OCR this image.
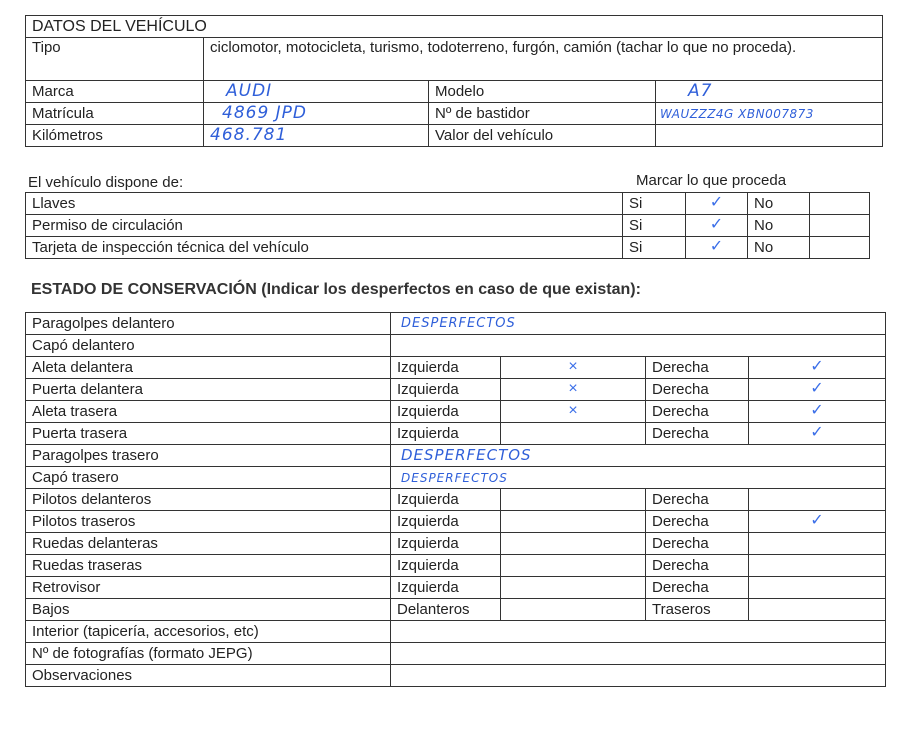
DATOS DEL VEHÍCULO			
Tipo	ciclomotor, motocicleta, turismo, todoterreno, furgón, camión (tachar lo que no proceda).		
Marca	AUDI	Modelo	A7
Matrícula	4869 JPD	Nº de bastidor	WAUZZZ4G XBN007873
Kilómetros	468.781	Valor del vehículo	
El vehículo dispone de:	Marcar lo que proceda
Llaves	Si	✓	No	

Permiso de circulación	Si	✓	No	

Tarjeta de inspección técnica del vehículo	Si	✓	No	
ESTADO DE CONSERVACIÓN (Indicar los desperfectos en caso de que existan):
Paragolpes delantero	DESPERFECTOS			
Capó delantero				
Aleta delantera	Izquierda	×	Derecha	✓

Puerta delantera	Izquierda	×	Derecha	✓

Aleta trasera	Izquierda	×	Derecha	✓

Puerta trasera	Izquierda		Derecha	✓

Paragolpes trasero	DESPERFECTOS			
Capó trasero	DESPERFECTOS			
Pilotos delanteros	Izquierda		Derecha	

Pilotos traseros	Izquierda		Derecha	✓

Ruedas delanteras	Izquierda		Derecha	

Ruedas traseras	Izquierda		Derecha	

Retrovisor	Izquierda		Derecha	

Bajos	Delanteros		Traseros	

Interior (tapicería, accesorios, etc)				
Nº de fotografías (formato JEPG)				
Observaciones				
